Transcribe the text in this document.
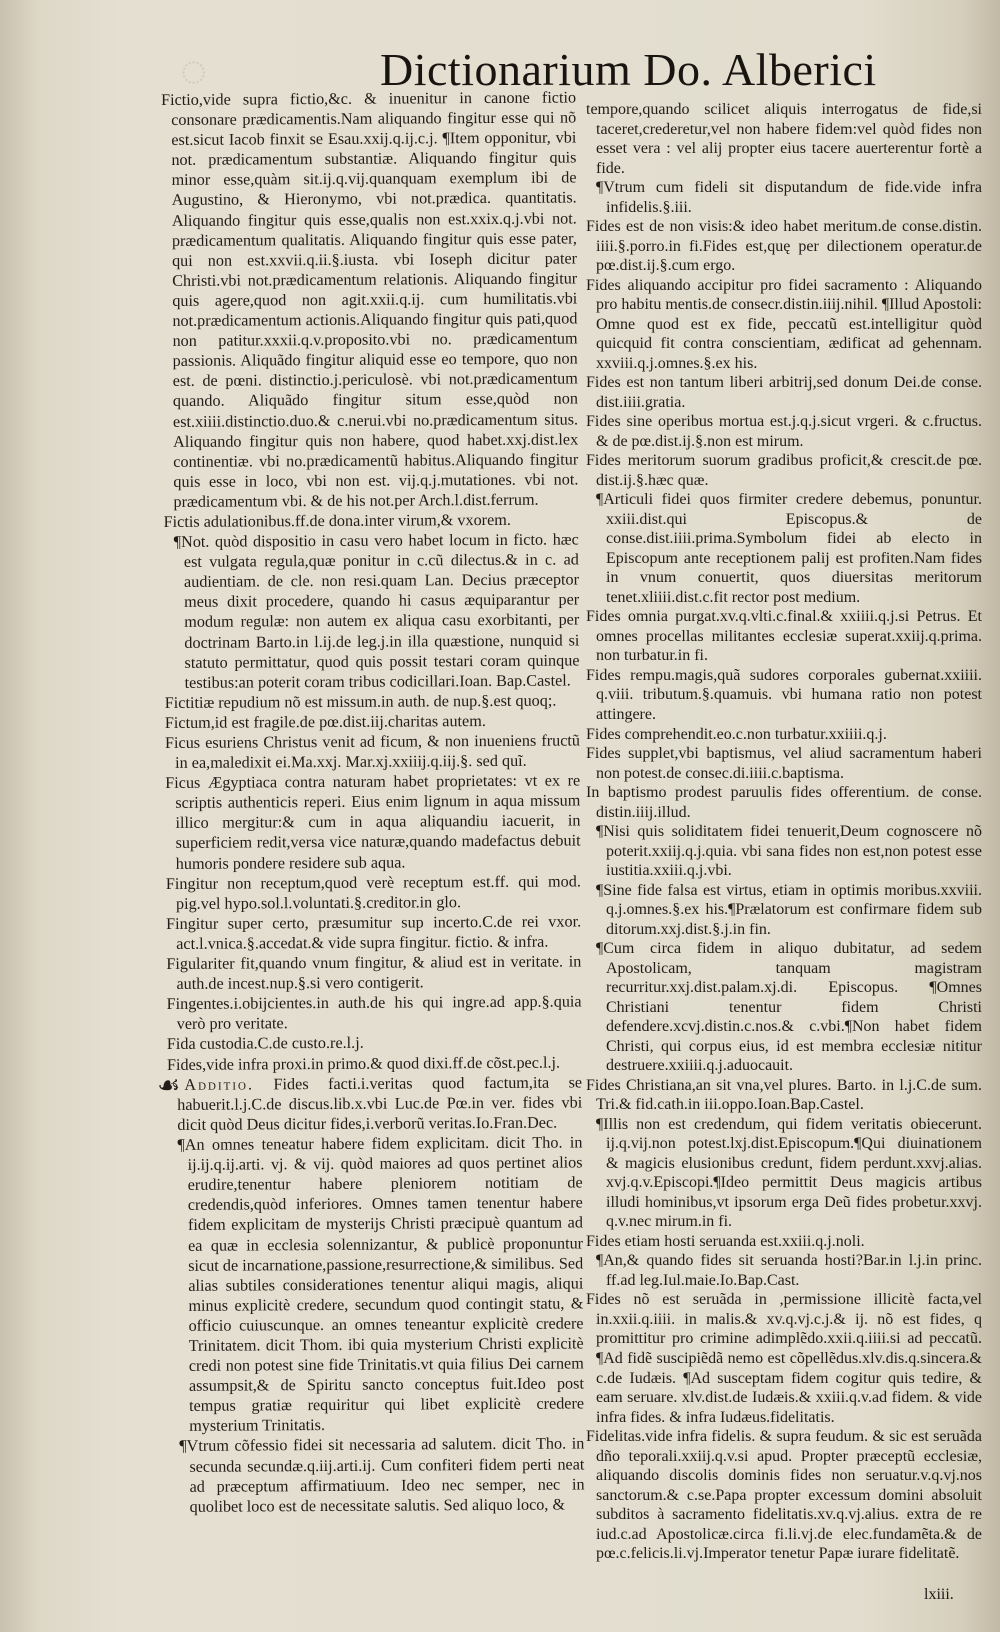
◌	Dictionarium Do. Alberici

Fictio,vide supra fictio,&c. & inuenitur in canone fictio consonare prædicamentis.Nam aliquando fingitur esse qui nõ est.sicut Iacob finxit se Esau.xxij.q.ij.c.j. ¶Item opponitur, vbi not. prædicamentum substantiæ. Aliquando fingitur quis minor esse,quàm sit.ij.q.vij.quanquam exemplum ibi de Augustino, & Hieronymo, vbi not.prædica. quantitatis. Aliquando fingitur quis esse,qualis non est.xxix.q.j.vbi not. prædicamentum qualitatis. Aliquando fingitur quis esse pater, qui non est.xxvii.q.ii.§.iusta. vbi Ioseph dicitur pater Christi.vbi not.prædicamentum relationis. Aliquando fingitur quis agere,quod non agit.xxii.q.ij. cum humilitatis.vbi not.prædicamentum actionis.Aliquando fingitur quis pati,quod non patitur.xxxii.q.v.proposito.vbi no. prædicamentum passionis. Aliquãdo fingitur aliquid esse eo tempore, quo non est. de pœni. distinctio.j.periculosè. vbi not.prædicamentum quando. Aliquãdo fingitur situm esse,quòd non est.xiiii.distinctio.duo.& c.nerui.vbi no.prædicamentum situs. Aliquando fingitur quis non habere, quod habet.xxj.dist.lex continentiæ. vbi no.prædicamentũ habitus.Aliquando fingitur quis esse in loco, vbi non est. vij.q.j.mutationes. vbi not. prædicamentum vbi. & de his not.per Arch.l.dist.ferrum.

Fictis adulationibus.ff.de dona.inter virum,& vxorem.

¶Not. quòd dispositio in casu vero habet locum in ficto. hæc est vulgata regula,quæ ponitur in c.cũ dilectus.& in c. ad audientiam. de cle. non resi.quam Lan. Decius præceptor meus dixit procedere, quando hi casus æquiparantur per modum regulæ: non autem ex aliqua casu exorbitanti, per doctrinam Barto.in l.ij.de leg.j.in illa quæstione, nunquid si statuto permittatur, quod quis possit testari coram quinque testibus:an poterit coram tribus codicillari.Ioan. Bap.Castel.

Fictitiæ repudium nõ est missum.in auth. de nup.§.est quoq;.

Fictum,id est fragile.de pœ.dist.iij.charitas autem.

Ficus esuriens Christus venit ad ficum, & non inueniens fructũ in ea,maledixit ei.Ma.xxj. Mar.xj.xxiiij.q.iij.§. sed quĩ.

Ficus Ægyptiaca contra naturam habet proprietates: vt ex re scriptis authenticis reperi. Eius enim lignum in aqua missum illico mergitur:& cum in aqua aliquandiu iacuerit, in superficiem redit,versa vice naturæ,quando madefactus debuit humoris pondere residere sub aqua.

Fingitur non receptum,quod verè receptum est.ff. qui mod. pig.vel hypo.sol.l.voluntati.§.creditor.in glo.

Fingitur super certo, præsumitur sup incerto.C.de rei vxor. act.l.vnica.§.accedat.& vide supra fingitur. fictio. & infra.

Figulariter fit,quando vnum fingitur, & aliud est in veritate. in auth.de incest.nup.§.si vero contigerit.

Fingentes.i.obijcientes.in auth.de his qui ingre.ad app.§.quia verò pro veritate.

Fida custodia.C.de custo.re.l.j.

Fides,vide infra proxi.in primo.& quod dixi.ff.de cõst.pec.l.j.

☙ Additio. Fides facti.i.veritas quod factum,ita se habuerit.l.j.C.de discus.lib.x.vbi Luc.de Pœ.in ver. fides vbi dicit quòd Deus dicitur fides,i.verborũ veritas.Io.Fran.Dec.

¶An omnes teneatur habere fidem explicitam. dicit Tho. in ij.ij.q.ij.arti. vj. & vij. quòd maiores ad quos pertinet alios erudire,tenentur habere pleniorem notitiam de credendis,quòd inferiores. Omnes tamen tenentur habere fidem explicitam de mysterijs Christi præcipuè quantum ad ea quæ in ecclesia solennizantur, & publicè proponuntur sicut de incarnatione,passione,resurrectione,& similibus. Sed alias subtiles considerationes tenentur aliqui magis, aliqui minus explicitè credere, secundum quod contingit statu, & officio cuiuscunque. an omnes teneantur explicitè credere Trinitatem. dicit Thom. ibi quia mysterium Christi explicitè credi non potest sine fide Trinitatis.vt quia filius Dei carnem assumpsit,& de Spiritu sancto conceptus fuit.Ideo post tempus gratiæ requiritur qui libet explicitè credere mysterium Trinitatis.

¶Vtrum cõfessio fidei sit necessaria ad salutem. dicit Tho. in secunda secundæ.q.iij.arti.ij. Cum confiteri fidem perti neat ad præceptum affirmatiuum. Ideo nec semper, nec in quolibet loco est de necessitate salutis. Sed aliquo loco, &

tempore,quando scilicet aliquis interrogatus de fide,si taceret,crederetur,vel non habere fidem:vel quòd fides non esset vera : vel alij propter eius tacere auerterentur fortè a fide.

¶Vtrum cum fideli sit disputandum de fide.vide infra infidelis.§.iii.

Fides est de non visis:& ideo habet meritum.de conse.distin. iiii.§.porro.in fi.Fides est,quę per dilectionem operatur.de pœ.dist.ij.§.cum ergo.

Fides aliquando accipitur pro fidei sacramento : Aliquando pro habitu mentis.de consecr.distin.iiij.nihil. ¶Illud Apostoli: Omne quod est ex fide, peccatũ est.intelligitur quòd quicquid fit contra conscientiam, ædificat ad gehennam. xxviii.q.j.omnes.§.ex his.

Fides est non tantum liberi arbitrij,sed donum Dei.de conse. dist.iiii.gratia.

Fides sine operibus mortua est.j.q.j.sicut vrgeri. & c.fructus. & de pœ.dist.ij.§.non est mirum.

Fides meritorum suorum gradibus proficit,& crescit.de pœ. dist.ij.§.hæc quæ.

¶Articuli fidei quos firmiter credere debemus, ponuntur. xxiii.dist.qui Episcopus.& de conse.dist.iiii.prima.Symbolum fidei ab electo in Episcopum ante receptionem palij est profiten.Nam fides in vnum conuertit, quos diuersitas meritorum tenet.xliiii.dist.c.fit rector post medium.

Fides omnia purgat.xv.q.vlti.c.final.& xxiiii.q.j.si Petrus. Et omnes procellas militantes ecclesiæ superat.xxiij.q.prima. non turbatur.in fi.

Fides rempu.magis,quã sudores corporales gubernat.xxiiii. q.viii. tributum.§.quamuis. vbi humana ratio non potest attingere.

Fides comprehendit.eo.c.non turbatur.xxiiii.q.j.

Fides supplet,vbi baptismus, vel aliud sacramentum haberi non potest.de consec.di.iiii.c.baptisma.

In baptismo prodest paruulis fides offerentium. de conse. distin.iiij.illud.

¶Nisi quis soliditatem fidei tenuerit,Deum cognoscere nõ poterit.xxiij.q.j.quia. vbi sana fides non est,non potest esse iustitia.xxiii.q.j.vbi.

¶Sine fide falsa est virtus, etiam in optimis moribus.xxviii. q.j.omnes.§.ex his.¶Prælatorum est confirmare fidem sub ditorum.xxj.dist.§.j.in fin.

¶Cum circa fidem in aliquo dubitatur, ad sedem Apostolicam, tanquam magistram recurritur.xxj.dist.palam.xj.di. Episcopus. ¶Omnes Christiani tenentur fidem Christi defendere.xcvj.distin.c.nos.& c.vbi.¶Non habet fidem Christi, qui corpus eius, id est membra ecclesiæ nititur destruere.xxiiii.q.j.aduocauit.

Fides Christiana,an sit vna,vel plures. Barto. in l.j.C.de sum. Tri.& fid.cath.in iii.oppo.Ioan.Bap.Castel.

¶Illis non est credendum, qui fidem veritatis obiecerunt. ij.q.vij.non potest.lxj.dist.Episcopum.¶Qui diuinationem & magicis elusionibus credunt, fidem perdunt.xxvj.alias. xvj.q.v.Episcopi.¶Ideo permittit Deus magicis artibus illudi hominibus,vt ipsorum erga Deũ fides probetur.xxvj. q.v.nec mirum.in fi.

Fides etiam hosti seruanda est.xxiii.q.j.noli.

¶An,& quando fides sit seruanda hosti?Bar.in l.j.in princ. ff.ad leg.Iul.maie.Io.Bap.Cast.

Fides nõ est seruãda in ,permissione illicitè facta,vel in.xxii.q.iiii. in malis.& xv.q.vj.c.j.& ij. nõ est fides, q promittitur pro crimine adimplẽdo.xxii.q.iiii.si ad peccatũ. ¶Ad fidẽ suscipiẽdã nemo est cõpellẽdus.xlv.dis.q.sincera.& c.de Iudæis. ¶Ad susceptam fidem cogitur quis tedire, & eam seruare. xlv.dist.de Iudæis.& xxiii.q.v.ad fidem. & vide infra fides. & infra Iudæus.fidelitatis.

Fidelitas.vide infra fidelis. & supra feudum. & sic est seruãda dño teporali.xxiij.q.v.si apud. Propter præceptũ ecclesiæ, aliquando discolis dominis fides non seruatur.v.q.vj.nos sanctorum.& c.se.Papa propter excessum domini absoluit subditos à sacramento fidelitatis.xv.q.vj.alius. extra de re iud.c.ad Apostolicæ.circa fi.li.vj.de elec.fundamẽta.& de pœ.c.felicis.li.vj.Imperator tenetur Papæ iurare fidelitatẽ.

lxiii.
